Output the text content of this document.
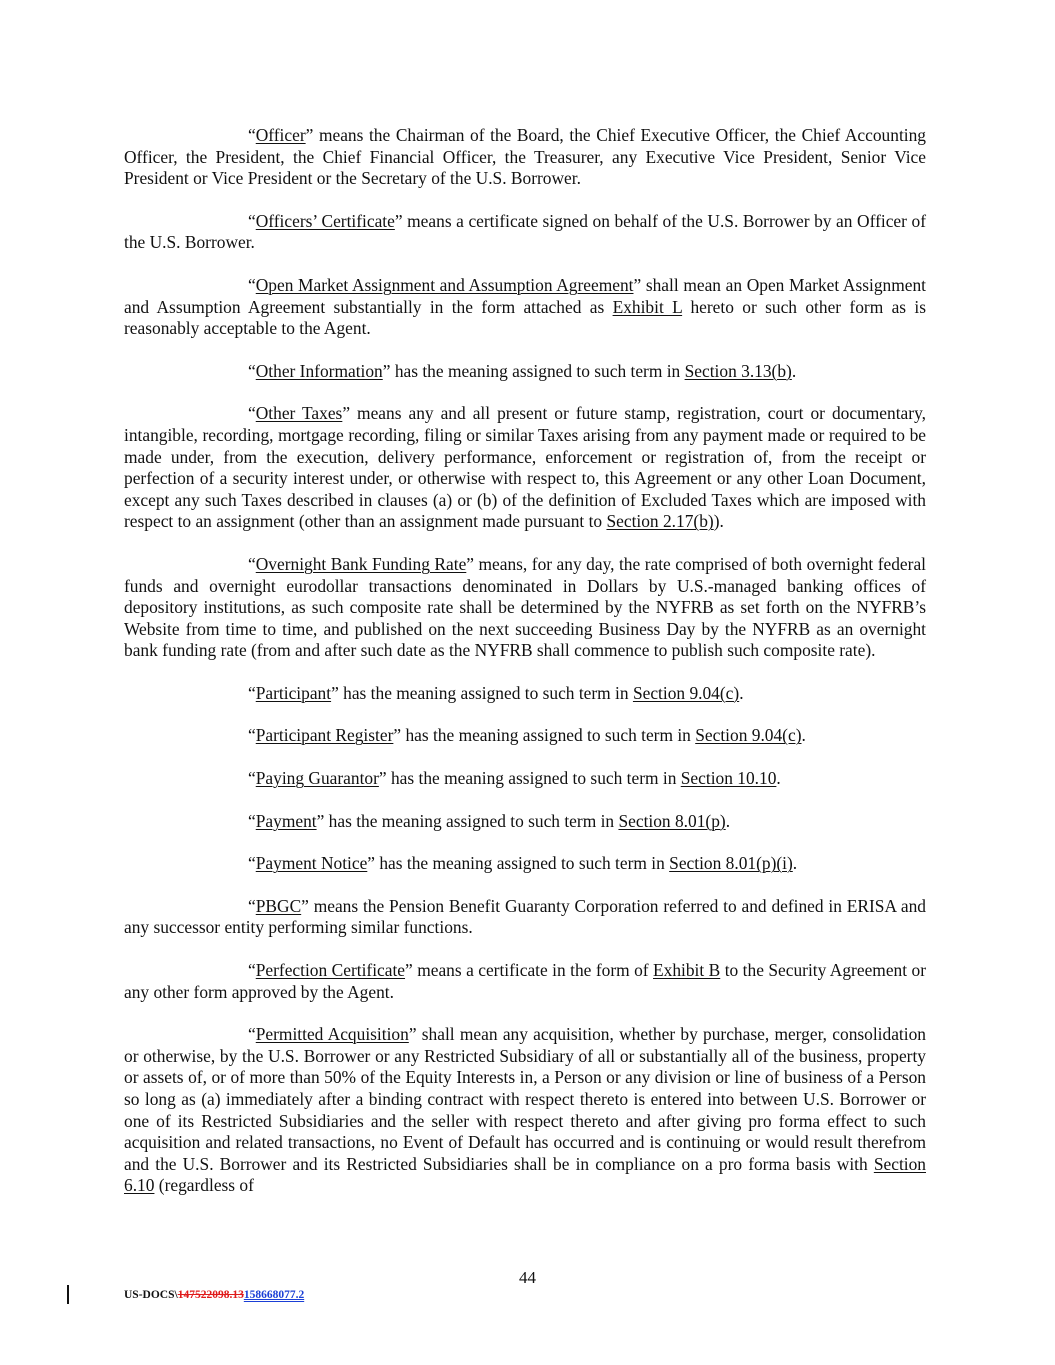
“Officer” means the Chairman of the Board, the Chief Executive Officer, the Chief Accounting Officer, the President, the Chief Financial Officer, the Treasurer, any Executive Vice President, Senior Vice President or Vice President or the Secretary of the U.S. Borrower.

“Officers’ Certificate” means a certificate signed on behalf of the U.S. Borrower by an Officer of the U.S. Borrower.

“Open Market Assignment and Assumption Agreement” shall mean an Open Market Assignment and Assumption Agreement substantially in the form attached as Exhibit L hereto or such other form as is reasonably acceptable to the Agent.

“Other Information” has the meaning assigned to such term in Section 3.13(b).

“Other Taxes” means any and all present or future stamp, registration, court or documentary, intangible, recording, mortgage recording, filing or similar Taxes arising from any payment made or required to be made under, from the execution, delivery performance, enforcement or registration of, from the receipt or perfection of a security interest under, or otherwise with respect to, this Agreement or any other Loan Document, except any such Taxes described in clauses (a) or (b) of the definition of Excluded Taxes which are imposed with respect to an assignment (other than an assignment made pursuant to Section 2.17(b)).

“Overnight Bank Funding Rate” means, for any day, the rate comprised of both overnight federal funds and overnight eurodollar transactions denominated in Dollars by U.S.-managed banking offices of depository institutions, as such composite rate shall be determined by the NYFRB as set forth on the NYFRB’s Website from time to time, and published on the next succeeding Business Day by the NYFRB as an overnight bank funding rate (from and after such date as the NYFRB shall commence to publish such composite rate).

“Participant” has the meaning assigned to such term in Section 9.04(c).

“Participant Register” has the meaning assigned to such term in Section 9.04(c).

“Paying Guarantor” has the meaning assigned to such term in Section 10.10.

“Payment” has the meaning assigned to such term in Section 8.01(p).

“Payment Notice” has the meaning assigned to such term in Section 8.01(p)(i).

“PBGC” means the Pension Benefit Guaranty Corporation referred to and defined in ERISA and any successor entity performing similar functions.

“Perfection Certificate” means a certificate in the form of Exhibit B to the Security Agreement or any other form approved by the Agent.

“Permitted Acquisition” shall mean any acquisition, whether by purchase, merger, consolidation or otherwise, by the U.S. Borrower or any Restricted Subsidiary of all or substantially all of the business, property or assets of, or of more than 50% of the Equity Interests in, a Person or any division or line of business of a Person so long as (a) immediately after a binding contract with respect thereto is entered into between U.S. Borrower or one of its Restricted Subsidiaries and the seller with respect thereto and after giving pro forma effect to such acquisition and related transactions, no Event of Default has occurred and is continuing or would result therefrom and the U.S. Borrower and its Restricted Subsidiaries shall be in compliance on a pro forma basis with Section 6.10 (regardless of

44
US-DOCS\147522098.13158668077.2
